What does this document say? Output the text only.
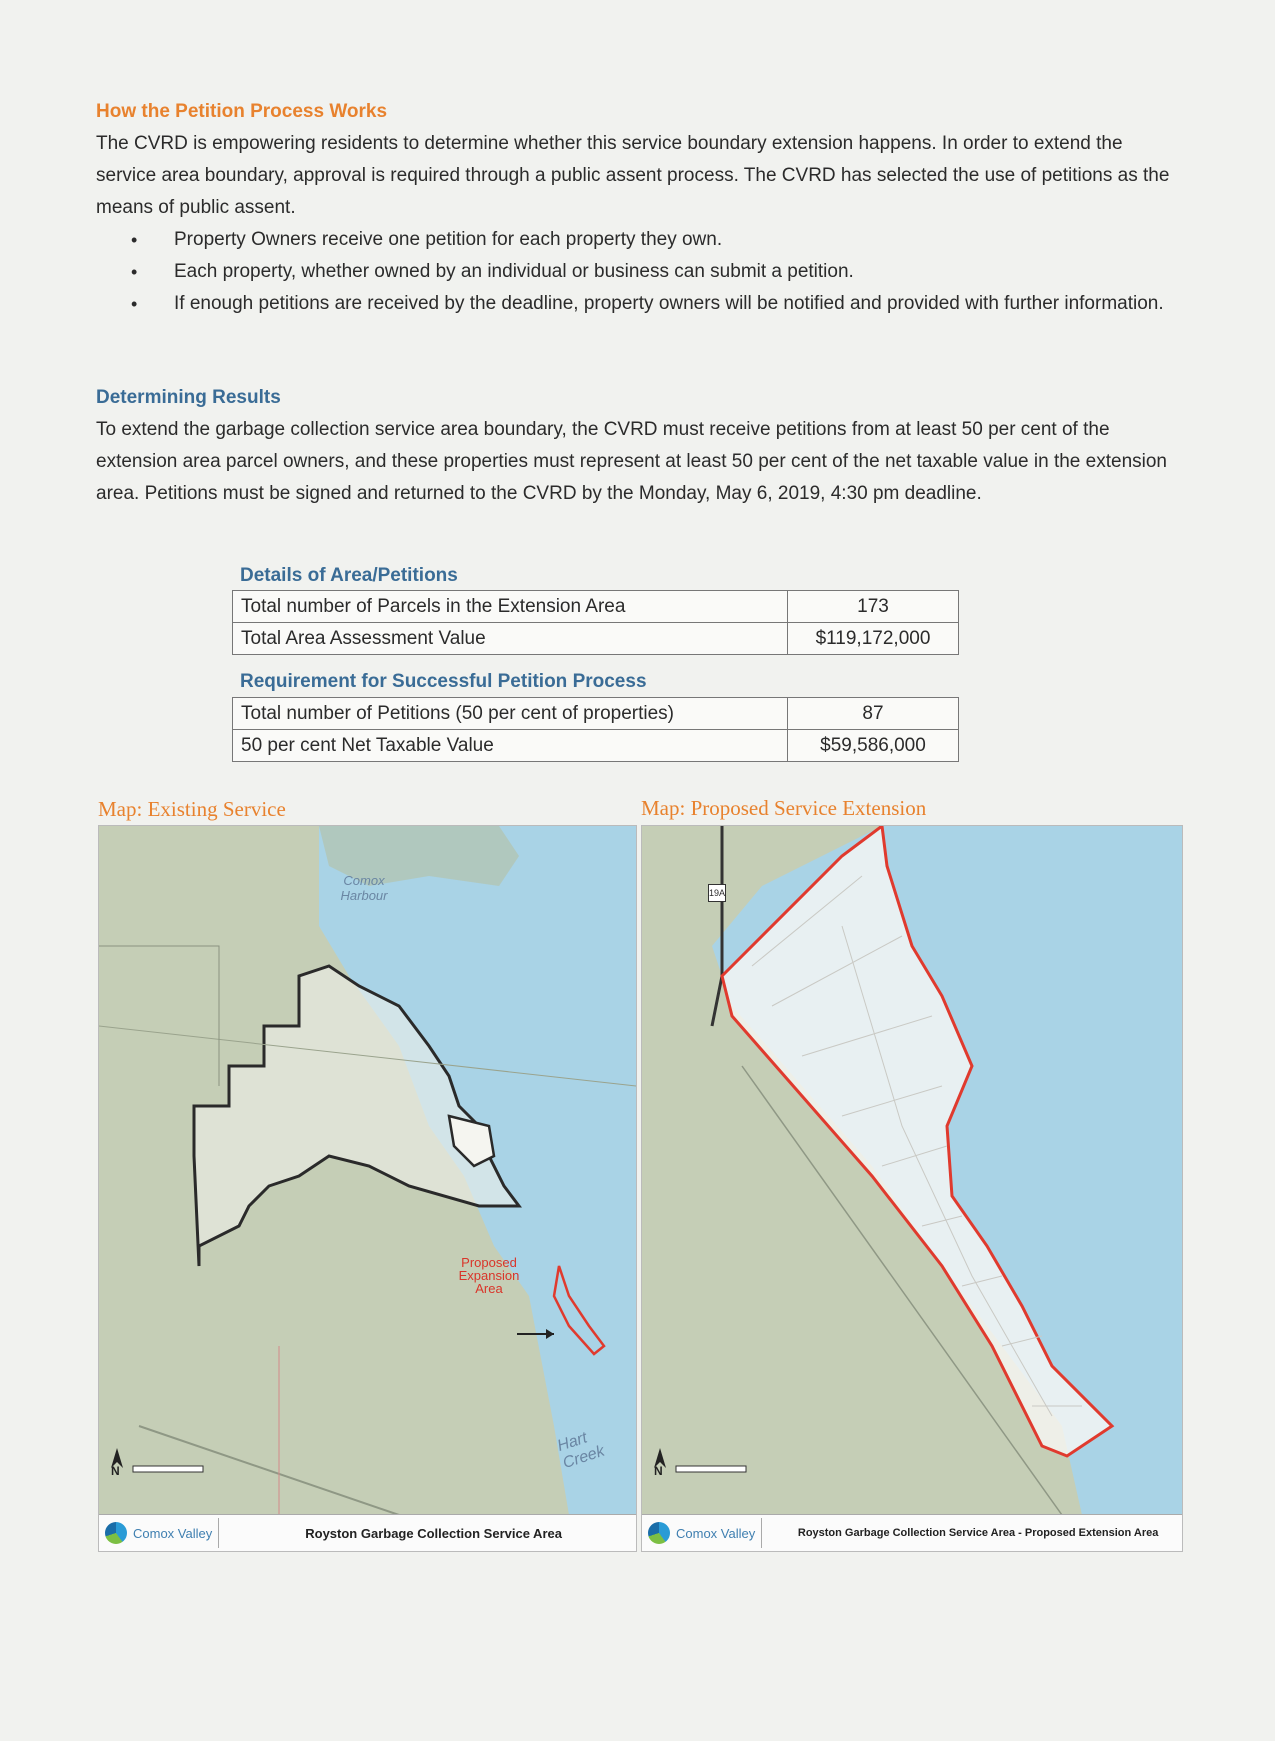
How the Petition Process Works

The CVRD is empowering residents to determine whether this service boundary extension happens. In order to extend the service area boundary, approval is required through a public assent process. The CVRD has selected the use of petitions as the means of public assent.

• Property Owners receive one petition for each property they own.
• Each property, whether owned by an individual or business can submit a petition.
• If enough petitions are received by the deadline, property owners will be notified and provided with further information.
Determining Results

To extend the garbage collection service area boundary, the CVRD must receive petitions from at least 50 per cent of the extension area parcel owners, and these properties must represent at least 50 per cent of the net taxable value in the extension area. Petitions must be signed and returned to the CVRD by the Monday, May 6, 2019, 4:30 pm deadline.

Details of Area/Petitions
Total number of Parcels in the Extension Area	173
Total Area Assessment Value	$119,172,000
Requirement for Successful Petition Process
Total number of Petitions (50 per cent of properties)	87
50 per cent Net Taxable Value	$59,586,000
Map: Existing Service	Map: Proposed Service Extension
Comox Harbour
Proposed Expansion Area
Hart Creek
N
Comox Valley	Royston Garbage Collection Service Area
19A
N
Comox Valley	Royston Garbage Collection Service Area - Proposed Extension Area
